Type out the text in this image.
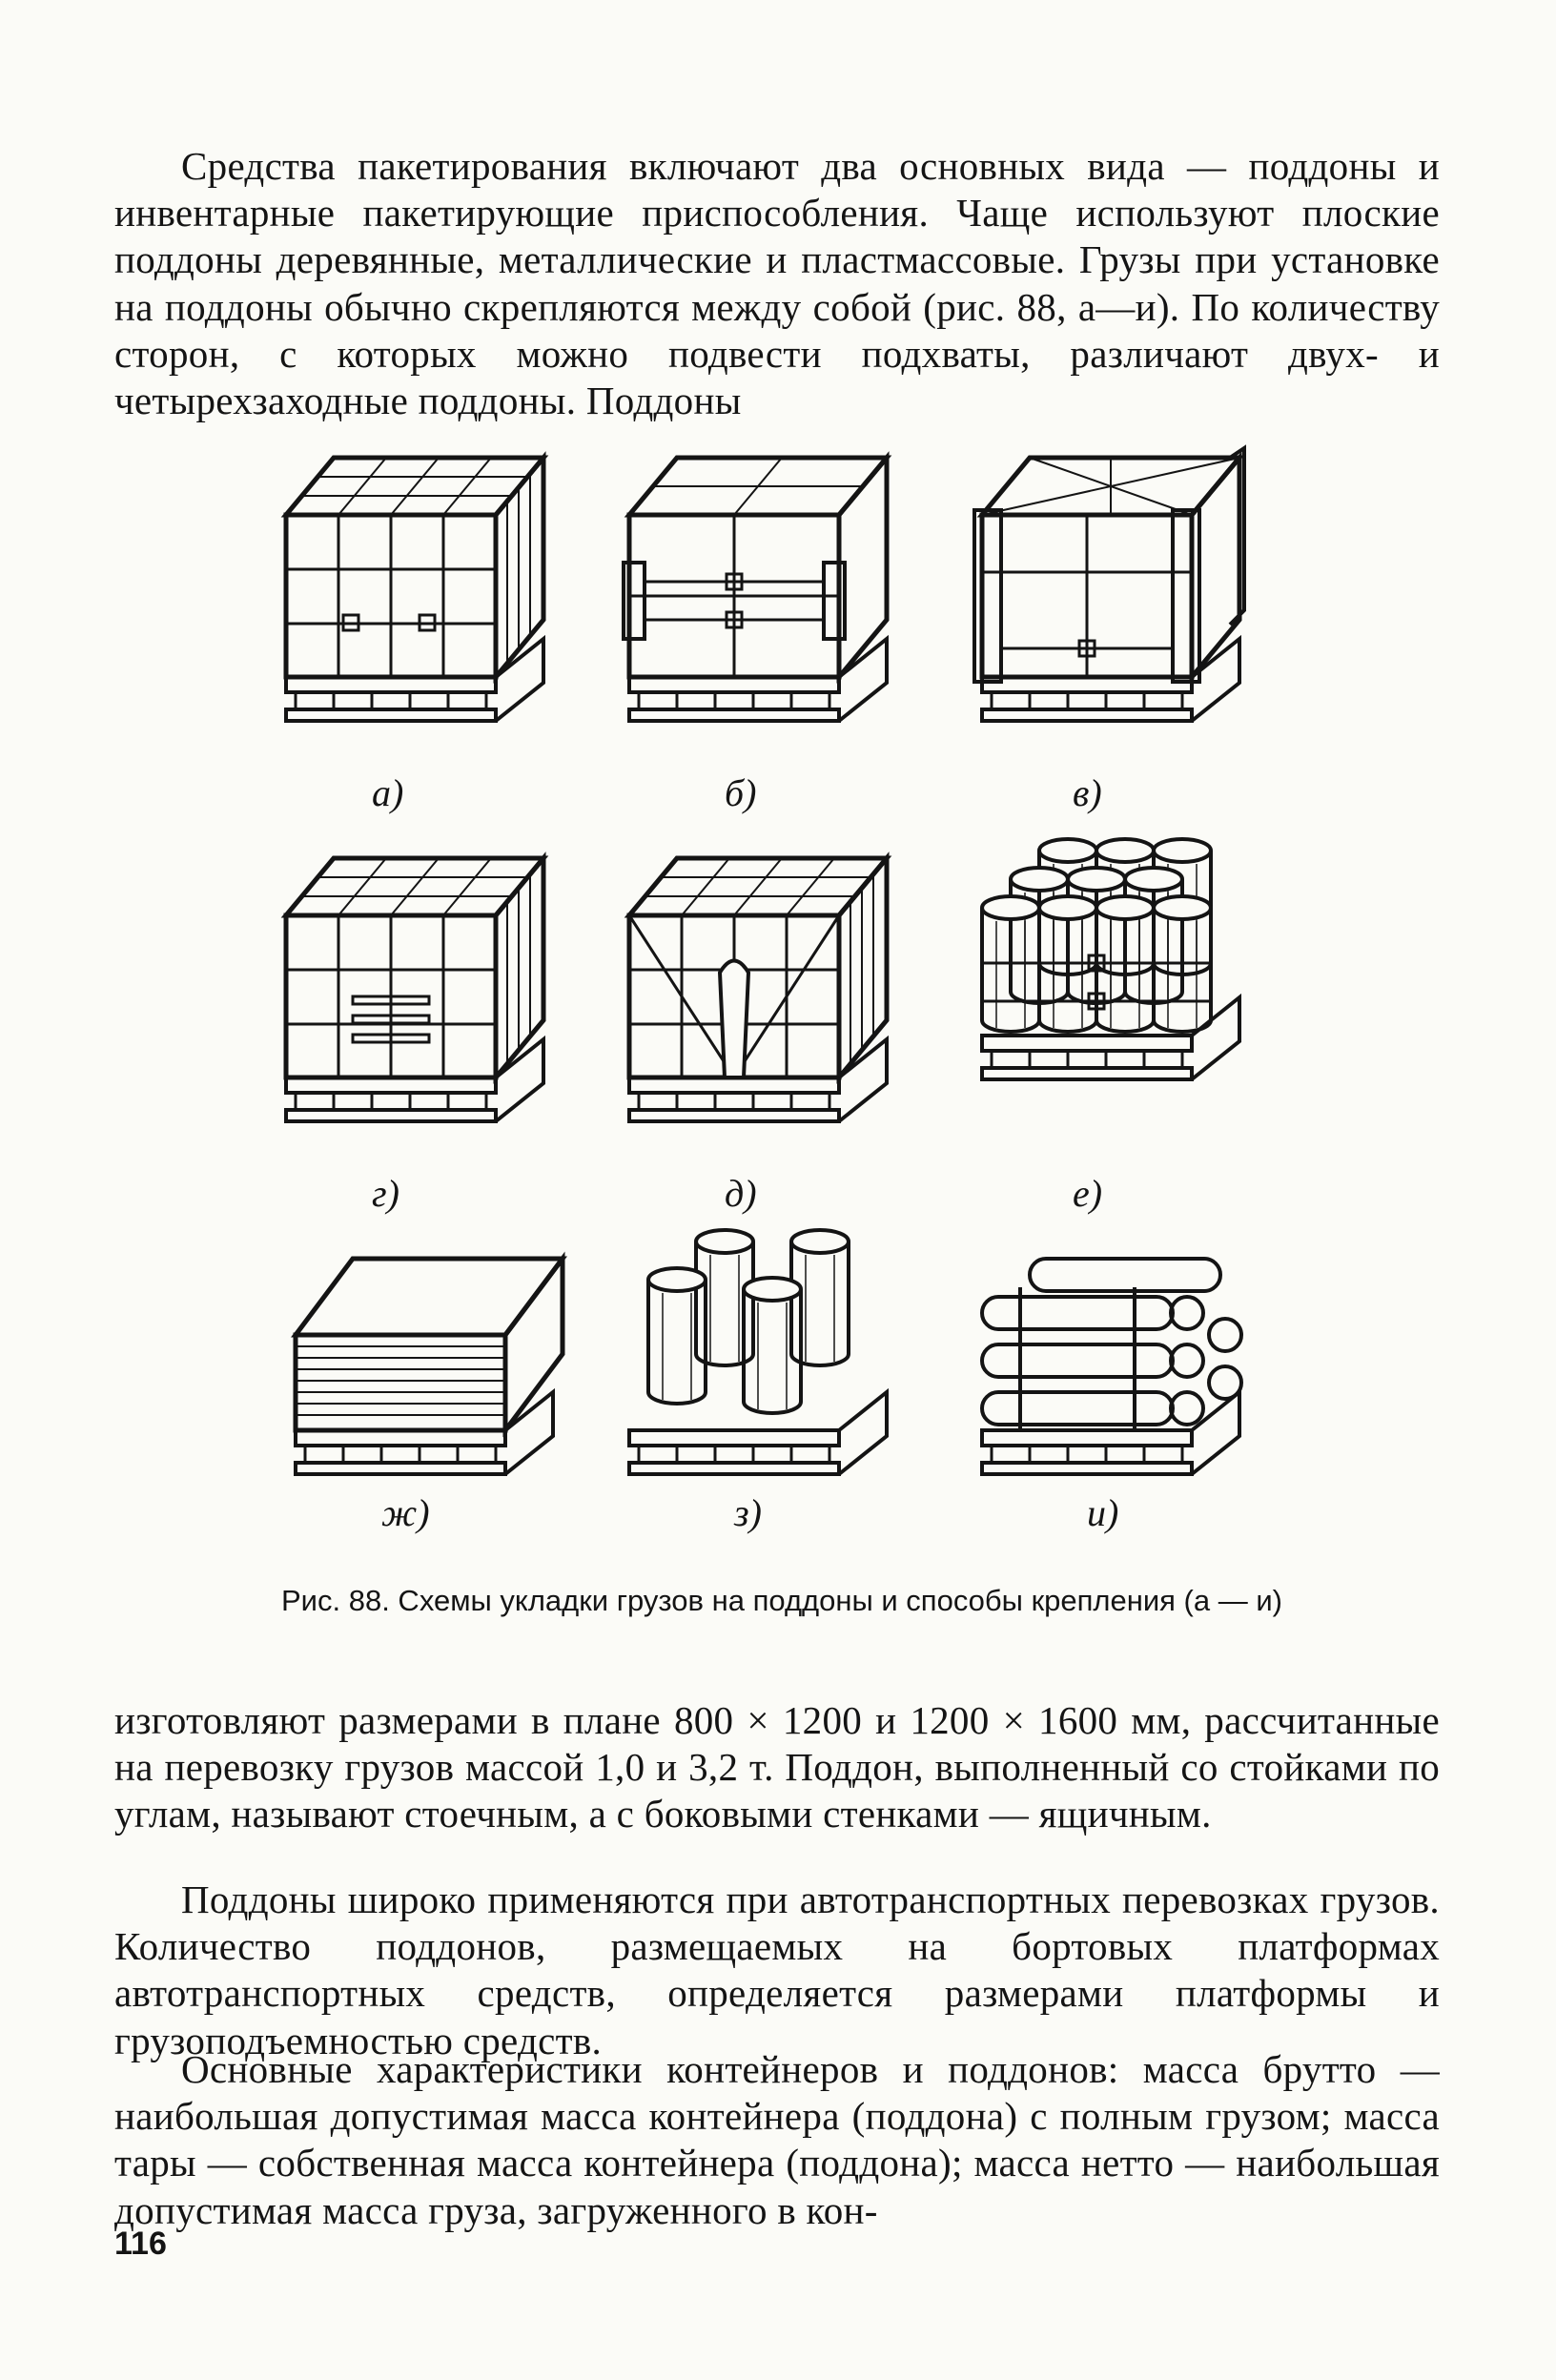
Средства пакетирования включают два основных вида — поддоны и инвентарные пакетирующие приспособления. Чаще используют плоские поддоны деревянные, металлические и пластмассовые. Грузы при установке на поддоны обычно скрепляются между собой (рис. 88, а—и). По количеству сторон, с которых можно подвести подхваты, различают двух- и четырехзаходные поддоны. Поддоны

а)	б)	в)
г)	д)	е)
ж)	з)	и)
Рис. 88. Схемы укладки грузов на поддоны и способы крепления (а — и)

изготовляют размерами в плане 800 × 1200 и 1200 × 1600 мм, рассчитанные на перевозку грузов массой 1,0 и 3,2 т. Поддон, выполненный со стойками по углам, называют стоечным, а с боковыми стенками — ящичным.

Поддоны широко применяются при автотранспортных перевозках грузов. Количество поддонов, размещаемых на бортовых платформах автотранспортных средств, определяется размерами платформы и грузоподъемностью средств.

Основные характеристики контейнеров и поддонов: масса брутто — наибольшая допустимая масса контейнера (поддона) с полным грузом; масса тары — собственная масса контейнера (поддона); масса нетто — наибольшая допустимая масса груза, загруженного в кон-

116
